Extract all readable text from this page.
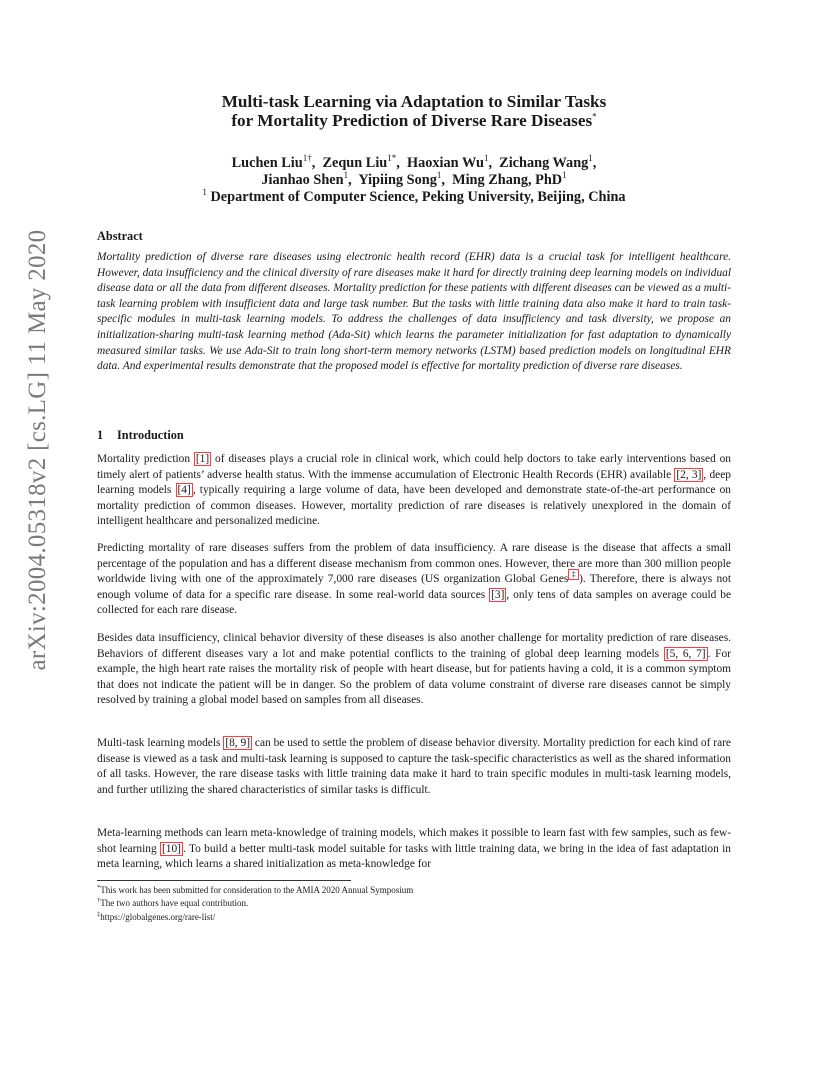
arXiv:2004.05318v2 [cs.LG] 11 May 2020
Multi-task Learning via Adaptation to Similar Tasks
for Mortality Prediction of Diverse Rare Diseases*
Luchen Liu$^{1\dagger}$,  Zequn Liu$^{1*}$,  Haoxian Wu$^1$,  Zichang Wang$^1$,
Jianhao Shen$^1$,  Yipiing Song$^1$,  Ming Zhang, PhD$^1$
$^1$ Department of Computer Science, Peking University, Beijing, China
Abstract
Mortality prediction of diverse rare diseases using electronic health record (EHR) data is a crucial task for intelligent healthcare. However, data insufficiency and the clinical diversity of rare diseases make it hard for directly training deep learning models on individual disease data or all the data from different diseases. Mortality prediction for these patients with different diseases can be viewed as a multi-task learning problem with insufficient data and large task number. But the tasks with little training data also make it hard to train task-specific modules in multi-task learning models. To address the challenges of data insufficiency and task diversity, we propose an initialization-sharing multi-task learning method (Ada-Sit) which learns the parameter initialization for fast adaptation to dynamically measured similar tasks. We use Ada-Sit to train long short-term memory networks (LSTM) based prediction models on longitudinal EHR data. And experimental results demonstrate that the proposed model is effective for mortality prediction of diverse rare diseases.
1 Introduction
Mortality prediction [1] of diseases plays a crucial role in clinical work, which could help doctors to take early interventions based on timely alert of patients’ adverse health status. With the immense accumulation of Electronic Health Records (EHR) available [2, 3] , deep learning models [4] , typically requiring a large volume of data, have been developed and demonstrate state-of-the-art performance on mortality prediction of common diseases. However, mortality prediction of rare diseases is relatively unexplored in the domain of intelligent healthcare and personalized medicine.
Predicting mortality of rare diseases suffers from the problem of data insufficiency. A rare disease is the disease that affects a small percentage of the population and has a different disease mechanism from common ones. However, there are more than 300 million people worldwide living with one of the approximately 7,000 rare diseases (US organization Global Genes ‡ ). Therefore, there is always not enough volume of data for a specific rare disease. In some real-world data sources [3] , only tens of data samples on average could be collected for each rare disease.
Besides data insufficiency, clinical behavior diversity of these diseases is also another challenge for mortality prediction of rare diseases. Behaviors of different diseases vary a lot and make potential conflicts to the training of global deep learning models [5, 6, 7] . For example, the high heart rate raises the mortality risk of people with heart disease, but for patients having a cold, it is a common symptom that does not indicate the patient will be in danger. So the problem of data volume constraint of diverse rare diseases cannot be simply resolved by training a global model based on samples from all diseases.
Multi-task learning models [8, 9] can be used to settle the problem of disease behavior diversity. Mortality prediction for each kind of rare disease is viewed as a task and multi-task learning is supposed to capture the task-specific characteristics as well as the shared information of all tasks. However, the rare disease tasks with little training data make it hard to train specific modules in multi-task learning models, and further utilizing the shared characteristics of similar tasks is difficult.
Meta-learning methods can learn meta-knowledge of training models, which makes it possible to learn fast with few samples, such as few-shot learning [10] . To build a better multi-task model suitable for tasks with little training data, we bring in the idea of fast adaptation in meta learning, which learns a shared initialization as meta-knowledge for
*This work has been submitted for consideration to the AMIA 2020 Annual Symposium
†The two authors have equal contribution.
‡https://globalgenes.org/rare-list/
